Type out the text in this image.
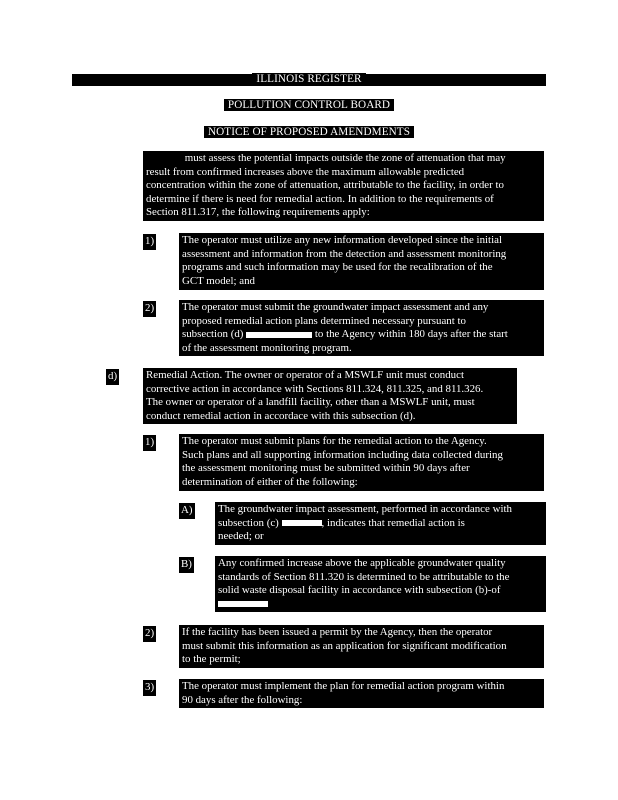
ILLINOIS REGISTER
POLLUTION CONTROL BOARD
NOTICE OF PROPOSED AMENDMENTS
must assess the potential impacts outside the zone of attenuation that may
result from confirmed increases above the maximum allowable predicted
concentration within the zone of attenuation, attributable to the facility, in order to
determine if there is need for remedial action. In addition to the requirements of
Section 811.317, the following requirements apply:
1)	The operator must utilize any new information developed since the initial
assessment and information from the detection and assessment monitoring
programs and such information may be used for the recalibration of the
GCT model; and
2)	The operator must submit the groundwater impact assessment and any
proposed remedial action plans determined necessary pursuant to
subsection (d)	to the Agency within 180 days after the start
of the assessment monitoring program.
d)	Remedial Action. The owner or operator of a MSWLF unit must conduct
corrective action in accordance with Sections 811.324, 811.325, and 811.326.
The owner or operator of a landfill facility, other than a MSWLF unit, must
conduct remedial action in accordace with this subsection (d).
1)	The operator must submit plans for the remedial action to the Agency.
Such plans and all supporting information including data collected during
the assessment monitoring must be submitted within 90 days after
determination of either of the following:
A) The groundwater impact assessment, performed in accordance with
subsection (c)	, indicates that remedial action is
needed; or
B) Any confirmed increase above the applicable groundwater quality
standards of Section 811.320 is determined to be attributable to the
solid waste disposal facility in accordance with subsection (b)-of

2)	If the facility has been issued a permit by the Agency, then the operator
must submit this information as an application for significant modification
to the permit;
3)	The operator must implement the plan for remedial action program within
90 days after the following:
